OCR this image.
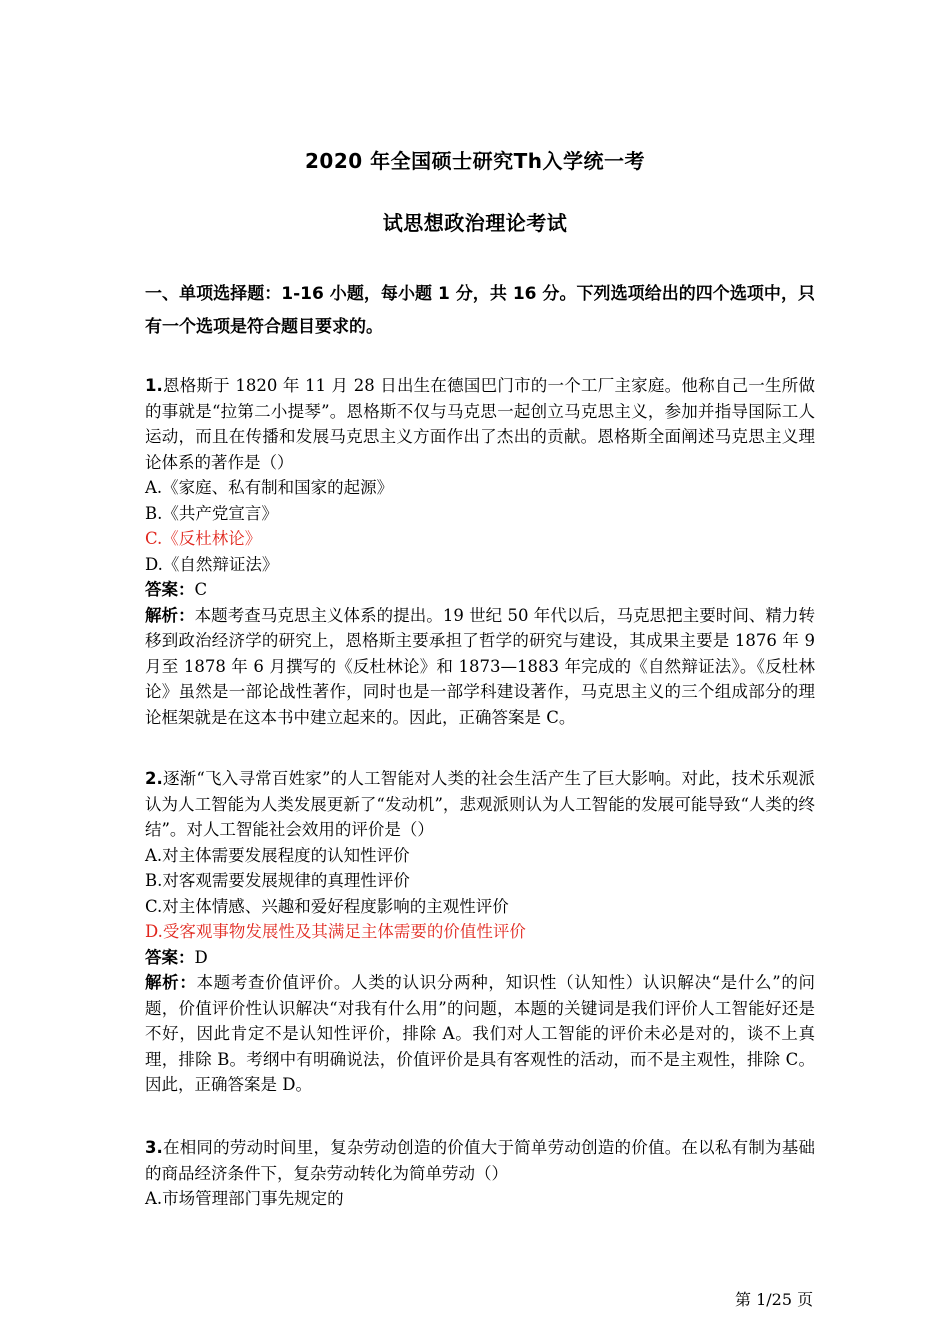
2020 年全国硕士研究Th入学统一考
试思想政治理论考试
一、单项选择题：1-16 小题，每小题 1 分，共 16 分。下列选项给出的四个选项中，只有一个选项是符合题目要求的。

1.恩格斯于 1820 年 11 月 28 日出生在德国巴门市的一个工厂主家庭。他称自己一生所做的事就是“拉第二小提琴”。恩格斯不仅与马克思一起创立马克思主义，参加并指导国际工人运动，而且在传播和发展马克思主义方面作出了杰出的贡献。恩格斯全面阐述马克思主义理论体系的著作是（）

A.《家庭、私有制和国家的起源》

B.《共产党宣言》

C.《反杜林论》

D.《自然辩证法》

答案：C

解析：本题考查马克思主义体系的提出。19 世纪 50 年代以后，马克思把主要时间、精力转移到政治经济学的研究上，恩格斯主要承担了哲学的研究与建设，其成果主要是 1876 年 9 月至 1878 年 6 月撰写的《反杜林论》和 1873—1883 年完成的《自然辩证法》。《反杜林论》虽然是一部论战性著作，同时也是一部学科建设著作，马克思主义的三个组成部分的理论框架就是在这本书中建立起来的。因此，正确答案是 C。

2.逐渐“飞入寻常百姓家”的人工智能对人类的社会生活产生了巨大影响。对此，技术乐观派认为人工智能为人类发展更新了“发动机”，悲观派则认为人工智能的发展可能导致“人类的终结”。对人工智能社会效用的评价是（）

A.对主体需要发展程度的认知性评价

B.对客观需要发展规律的真理性评价

C.对主体情感、兴趣和爱好程度影响的主观性评价

D.受客观事物发展性及其满足主体需要的价值性评价

答案：D

解析：本题考查价值评价。人类的认识分两种，知识性（认知性）认识解决“是什么”的问题，价值评价性认识解决“对我有什么用”的问题，本题的关键词是我们评价人工智能好还是不好，因此肯定不是认知性评价，排除 A。我们对人工智能的评价未必是对的，谈不上真理，排除 B。考纲中有明确说法，价值评价是具有客观性的活动，而不是主观性，排除 C。因此，正确答案是 D。

3.在相同的劳动时间里，复杂劳动创造的价值大于简单劳动创造的价值。在以私有制为基础的商品经济条件下，复杂劳动转化为简单劳动（）

A.市场管理部门事先规定的

第 1/25 页
